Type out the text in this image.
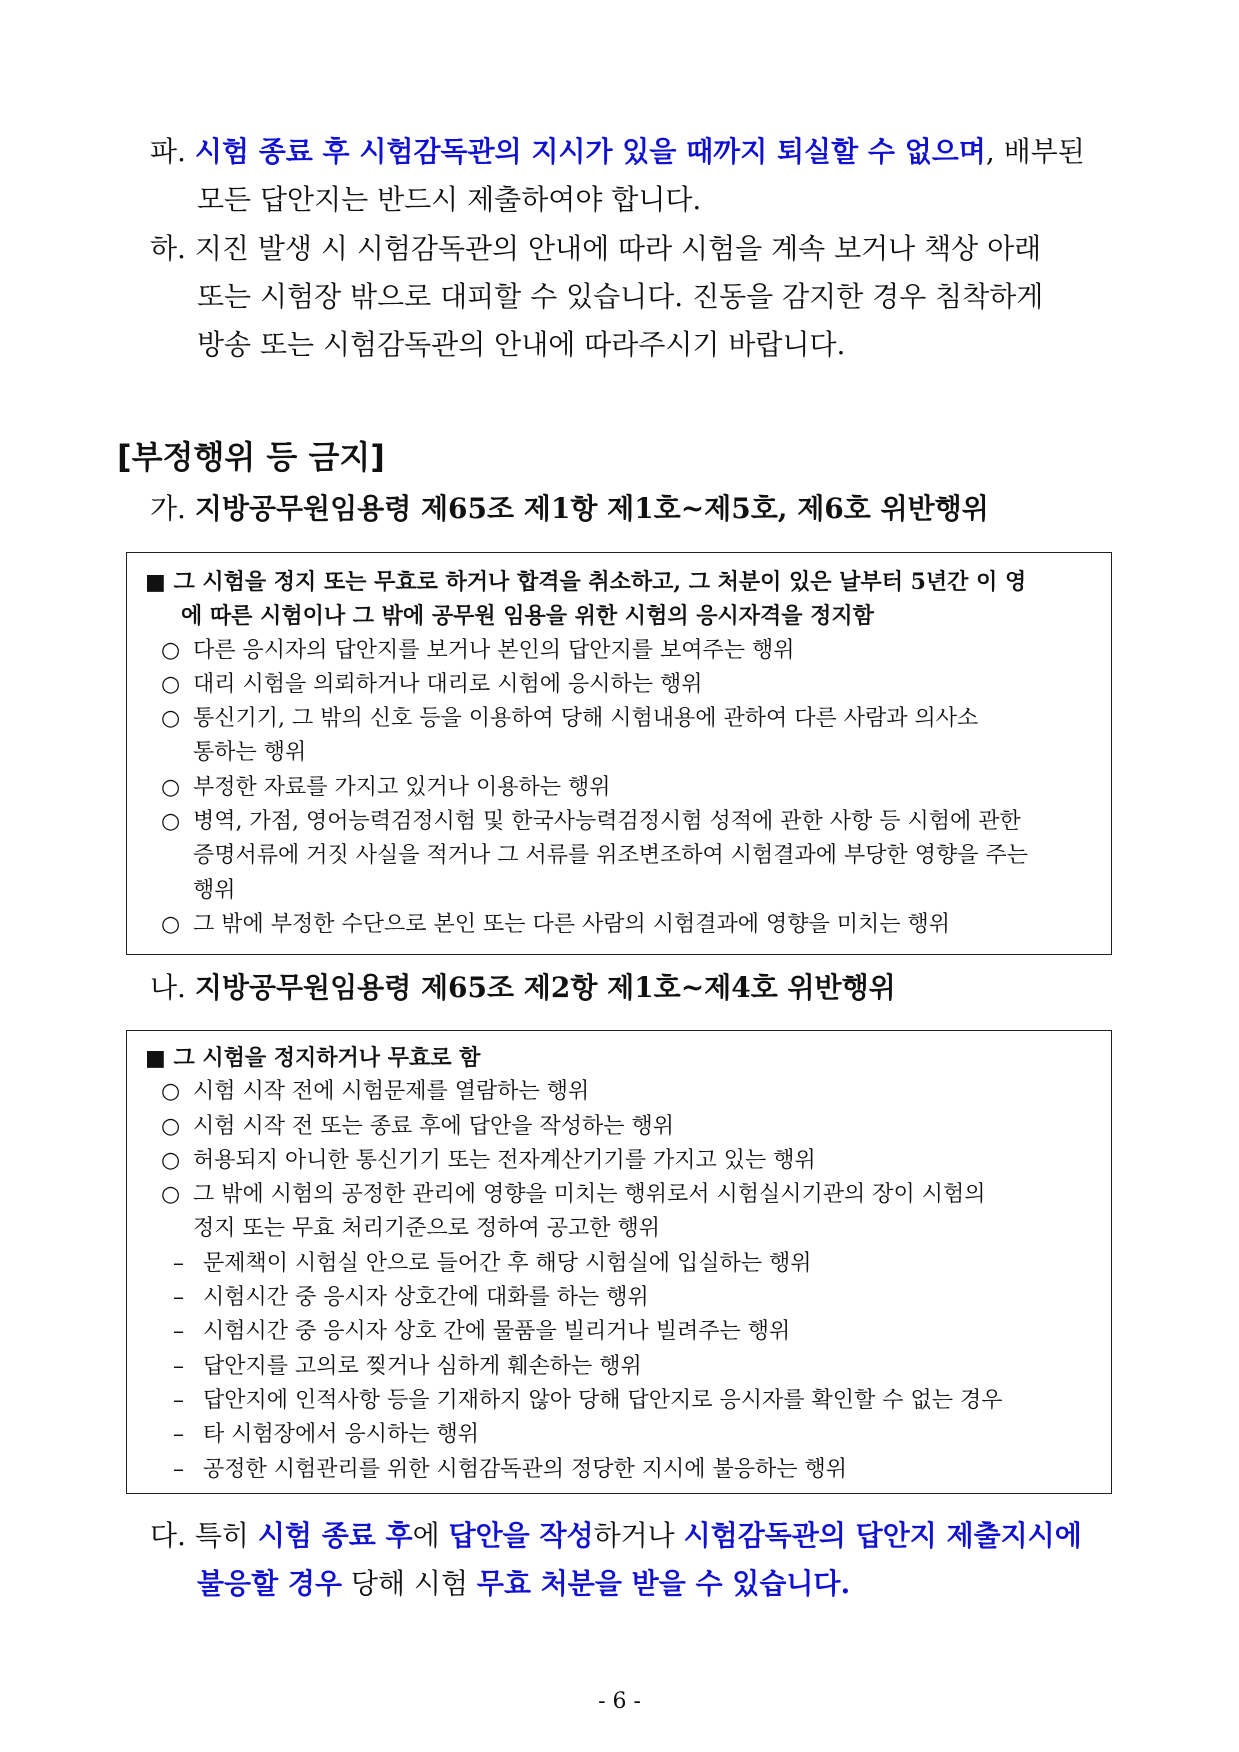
파. 시험 종료 후 시험감독관의 지시가 있을 때까지 퇴실할 수 없으며, 배부된
모든 답안지는 반드시 제출하여야 합니다.
하. 지진 발생 시 시험감독관의 안내에 따라 시험을 계속 보거나 책상 아래
또는 시험장 밖으로 대피할 수 있습니다. 진동을 감지한 경우 침착하게
방송 또는 시험감독관의 안내에 따라주시기 바랍니다.
[부정행위 등 금지]
가. 지방공무원임용령 제65조 제1항 제1호~제5호, 제6호 위반행위
■ 그 시험을 정지 또는 무효로 하거나 합격을 취소하고, 그 처분이 있은 날부터 5년간 이 영
에 따른 시험이나 그 밖에 공무원 임용을 위한 시험의 응시자격을 정지함
○ 다른 응시자의 답안지를 보거나 본인의 답안지를 보여주는 행위
○ 대리 시험을 의뢰하거나 대리로 시험에 응시하는 행위
○ 통신기기, 그 밖의 신호 등을 이용하여 당해 시험내용에 관하여 다른 사람과 의사소
통하는 행위
○ 부정한 자료를 가지고 있거나 이용하는 행위
○ 병역, 가점, 영어능력검정시험 및 한국사능력검정시험 성적에 관한 사항 등 시험에 관한
증명서류에 거짓 사실을 적거나 그 서류를 위조변조하여 시험결과에 부당한 영향을 주는
행위
○ 그 밖에 부정한 수단으로 본인 또는 다른 사람의 시험결과에 영향을 미치는 행위
나. 지방공무원임용령 제65조 제2항 제1호~제4호 위반행위
■ 그 시험을 정지하거나 무효로 함
○ 시험 시작 전에 시험문제를 열람하는 행위
○ 시험 시작 전 또는 종료 후에 답안을 작성하는 행위
○ 허용되지 아니한 통신기기 또는 전자계산기기를 가지고 있는 행위
○ 그 밖에 시험의 공정한 관리에 영향을 미치는 행위로서 시험실시기관의 장이 시험의
정지 또는 무효 처리기준으로 정하여 공고한 행위
– 문제책이 시험실 안으로 들어간 후 해당 시험실에 입실하는 행위
– 시험시간 중 응시자 상호간에 대화를 하는 행위
– 시험시간 중 응시자 상호 간에 물품을 빌리거나 빌려주는 행위
– 답안지를 고의로 찢거나 심하게 훼손하는 행위
– 답안지에 인적사항 등을 기재하지 않아 당해 답안지로 응시자를 확인할 수 없는 경우
– 타 시험장에서 응시하는 행위
– 공정한 시험관리를 위한 시험감독관의 정당한 지시에 불응하는 행위
다. 특히 시험 종료 후에 답안을 작성하거나 시험감독관의 답안지 제출지시에
불응할 경우 당해 시험 무효 처분을 받을 수 있습니다.
- 6 -
